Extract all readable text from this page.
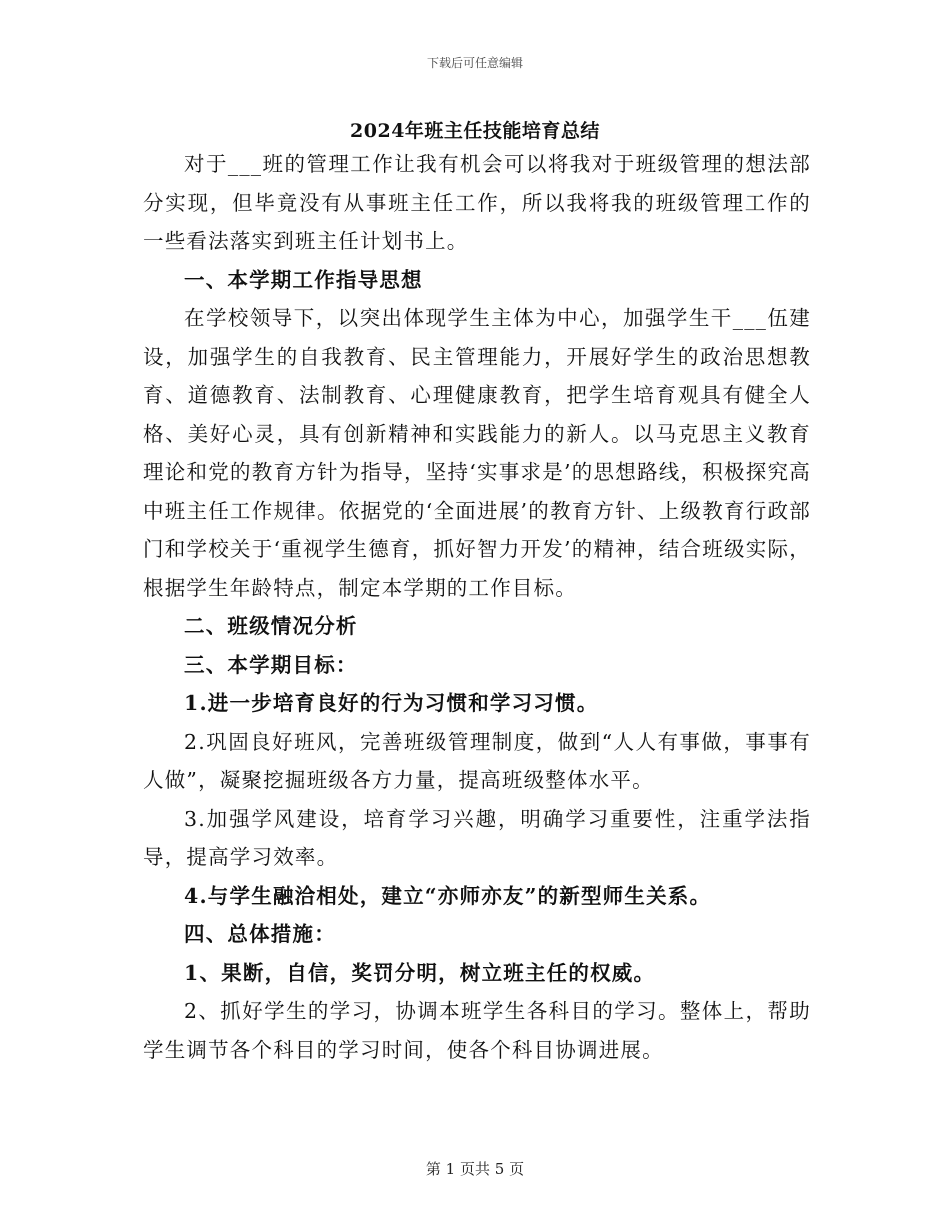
下载后可任意编辑
2024年班主任技能培育总结

对于___班的管理工作让我有机会可以将我对于班级管理的想法部分实现，但毕竟没有从事班主任工作，所以我将我的班级管理工作的一些看法落实到班主任计划书上。

一、本学期工作指导思想

在学校领导下，以突出体现学生主体为中心，加强学生干___伍建设，加强学生的自我教育、民主管理能力，开展好学生的政治思想教育、道德教育、法制教育、心理健康教育，把学生培育观具有健全人格、美好心灵，具有创新精神和实践能力的新人。以马克思主义教育理论和党的教育方针为指导，坚持‘实事求是’的思想路线，积极探究高中班主任工作规律。依据党的‘全面进展’的教育方针、上级教育行政部门和学校关于‘重视学生德育，抓好智力开发’的精神，结合班级实际，根据学生年龄特点，制定本学期的工作目标。

二、班级情况分析

三、本学期目标：

1.进一步培育良好的行为习惯和学习习惯。

2.巩固良好班风，完善班级管理制度，做到“人人有事做，事事有人做”，凝聚挖掘班级各方力量，提高班级整体水平。

3.加强学风建设，培育学习兴趣，明确学习重要性，注重学法指导，提高学习效率。

4.与学生融洽相处，建立“亦师亦友”的新型师生关系。

四、总体措施：

1、果断，自信，奖罚分明，树立班主任的权威。

2、抓好学生的学习，协调本班学生各科目的学习。整体上，帮助学生调节各个科目的学习时间，使各个科目协调进展。

第 1 页共 5 页
